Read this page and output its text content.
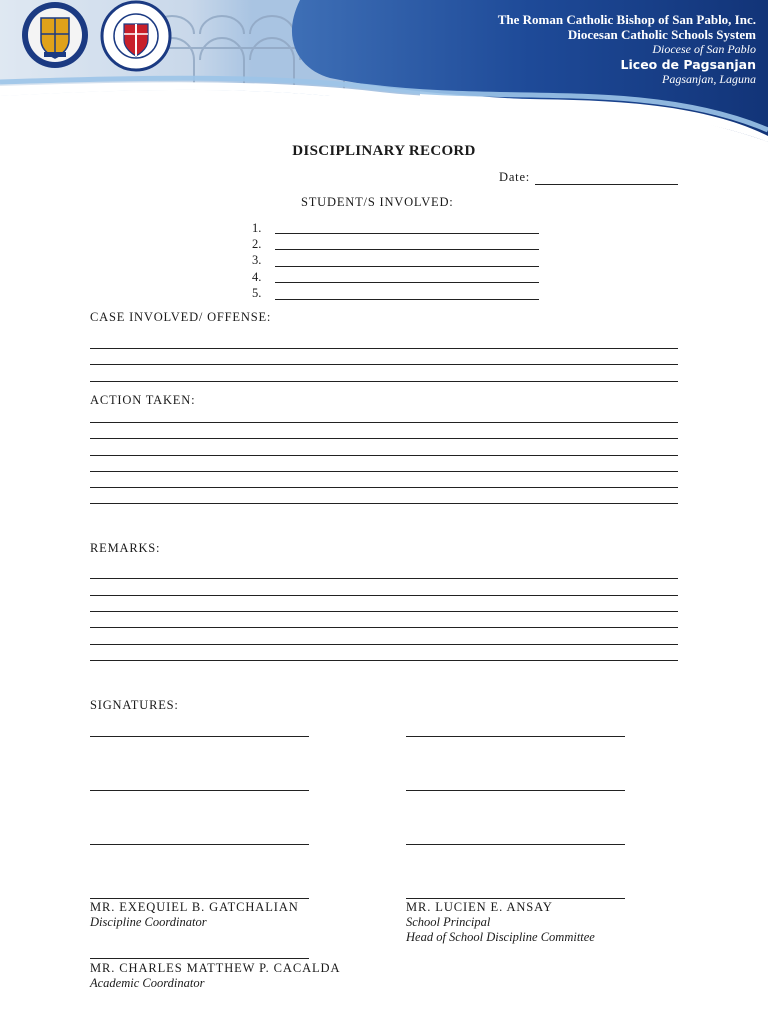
The Roman Catholic Bishop of San Pablo, Inc.
Diocesan Catholic Schools System
Diocese of San Pablo
Liceo de Pagsanjan
Pagsanjan, Laguna
DISCIPLINARY RECORD
Date:
STUDENT/S INVOLVED:
1.
2.
3.
4.
5.
CASE INVOLVED/ OFFENSE:
ACTION TAKEN:
REMARKS:
SIGNATURES:
MR. EXEQUIEL B. GATCHALIAN
Discipline Coordinator
MR. LUCIEN E. ANSAY
School Principal
Head of School Discipline Committee
MR. CHARLES MATTHEW P. CACALDA
Academic Coordinator
